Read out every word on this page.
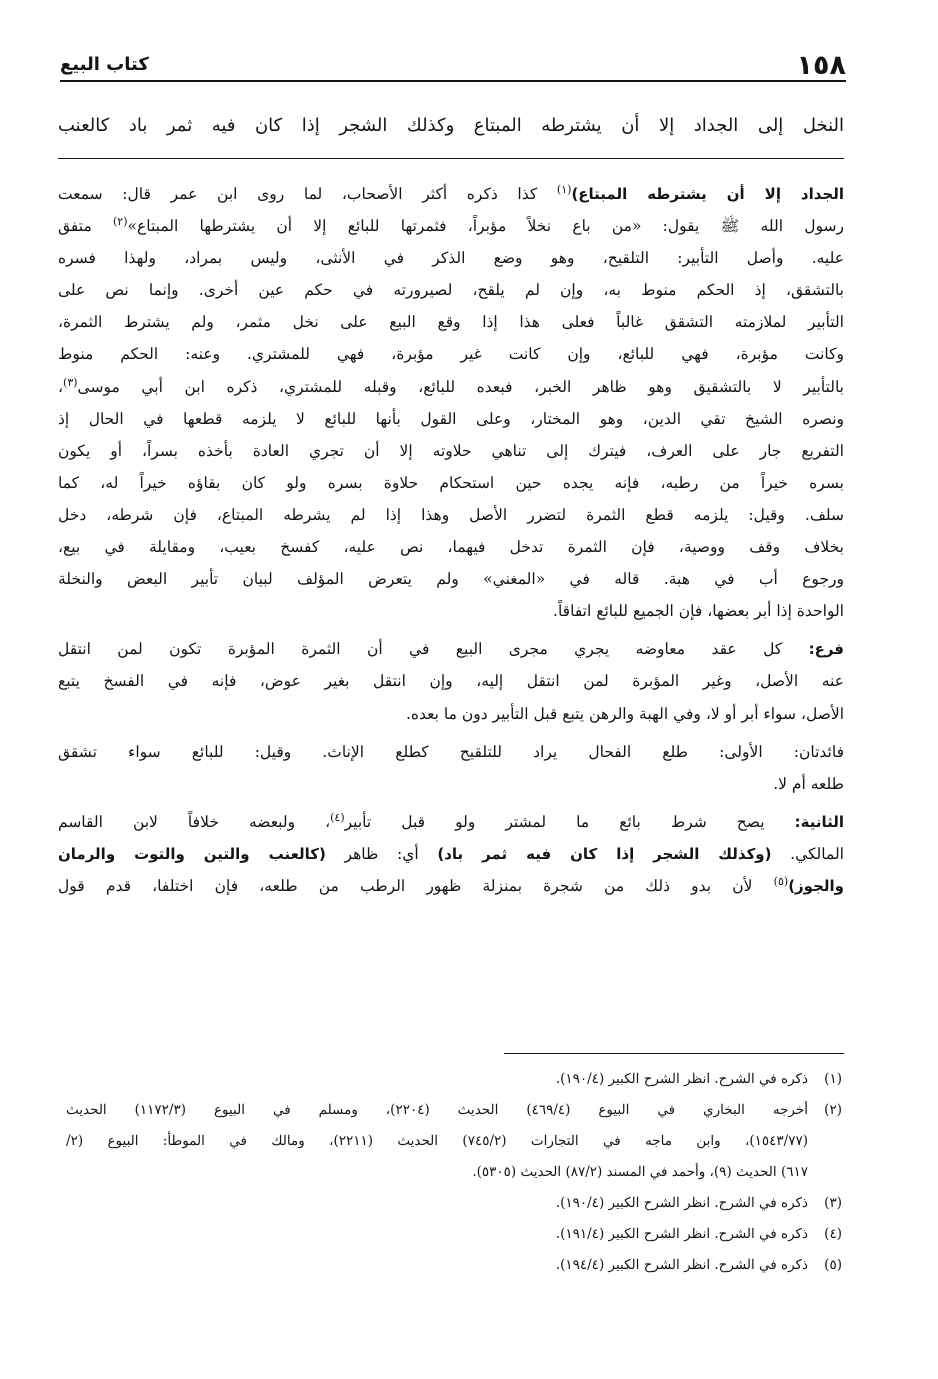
١٥٨
كتاب البيع
النخل إلى الجداد إلا أن يشترطه المبتاع وكذلك الشجر إذا كان فيه ثمر باد كالعنب

الجداد إلا أن يشترطه المبتاع)$^{(١)}$ كذا ذكره أكثر الأصحاب، لما روى ابن عمر قال: سمعت
رسول الله ﷺ يقول: «من باع نخلاً مؤبراً، فثمرتها للبائع إلا أن يشترطها المبتاع»$^{(٢)}$ متفق
عليه. وأصل التأبير: التلقيح، وهو وضع الذكر في الأنثى، وليس بمراد، ولهذا فسره
بالتشقق، إذ الحكم منوط به، وإن لم يلقح، لصيرورته في حكم عين أخرى. وإنما نص على
التأبير لملازمته التشقق غالباً فعلى هذا إذا وقع البيع على نخل مثمر، ولم يشترط الثمرة،
وكانت مؤبرة، فهي للبائع، وإن كانت غير مؤبرة، فهي للمشتري. وعنه: الحكم منوط
بالتأبير لا بالتشقيق وهو ظاهر الخبر، فبعده للبائع، وقبله للمشتري، ذكره ابن أبي موسى$^{(٣)}$،
ونصره الشيخ تقي الدين، وهو المختار، وعلى القول بأنها للبائع لا يلزمه قطعها في الحال إذ
التفريع جار على العرف، فيترك إلى تناهي حلاوته إلا أن تجري العادة بأخذه بسراً، أو يكون
بسره خيراً من رطبه، فإنه يجده حين استحكام حلاوة بسره ولو كان بقاؤه خيراً له، كما
سلف. وقيل: يلزمه قطع الثمرة لتضرر الأصل وهذا إذا لم يشرطه المبتاع، فإن شرطه، دخل
بخلاف وقف ووصية، فإن الثمرة تدخل فيهما، نص عليه، كفسخ بعيب، ومقايلة في بيع،
ورجوع أب في هبة. قاله في «المغني» ولم يتعرض المؤلف لبيان تأبير البعض والنخلة
الواحدة إذا أبر بعضها، فإن الجميع للبائع اتفاقاً.

فرع: كل عقد معاوضه يجري مجرى البيع في أن الثمرة المؤبرة تكون لمن انتقل
عنه الأصل، وغير المؤبرة لمن انتقل إليه، وإن انتقل بغير عوض، فإنه في الفسخ يتبع
الأصل، سواء أبر أو لا، وفي الهبة والرهن يتبع قبل التأبير دون ما بعده.

فائدتان: الأولى: طلع الفحال يراد للتلقيح كطلع الإناث. وقيل: للبائع سواء تشقق
طلعه أم لا.

الثانية: يصح شرط بائع ما لمشتر ولو قبل تأبير$^{(٤)}$، ولبعضه خلافاً لابن القاسم
المالكي. (وكذلك الشجر إذا كان فيه ثمر باد) أي: ظاهر (كالعنب والتين والتوت والرمان
والجوز)$^{(٥)}$ لأن بدو ذلك من شجرة بمنزلة ظهور الرطب من طلعه، فإن اختلفا، قدم قول

(١)
ذكره في الشرح. انظر الشرح الكبير (١٩٠/٤).
(٢)
أخرجه البخاري في البيوع (٤٦٩/٤) الحديث (٢٢٠٤)، ومسلم في البيوع (١١٧٢/٣) الحديث
(١٥٤٣/٧٧)، وابن ماجه في التجارات (٧٤٥/٢) الحديث (٢٢١١)، ومالك في الموطأ: البيوع (٢/
٦١٧) الحديث (٩)، وأحمد في المسند (٨٧/٢) الحديث (٥٣٠٥).
(٣)
ذكره في الشرح. انظر الشرح الكبير (١٩٠/٤).
(٤)
ذكره في الشرح. انظر الشرح الكبير (١٩١/٤).
(٥)
ذكره في الشرح. انظر الشرح الكبير (١٩٤/٤).
